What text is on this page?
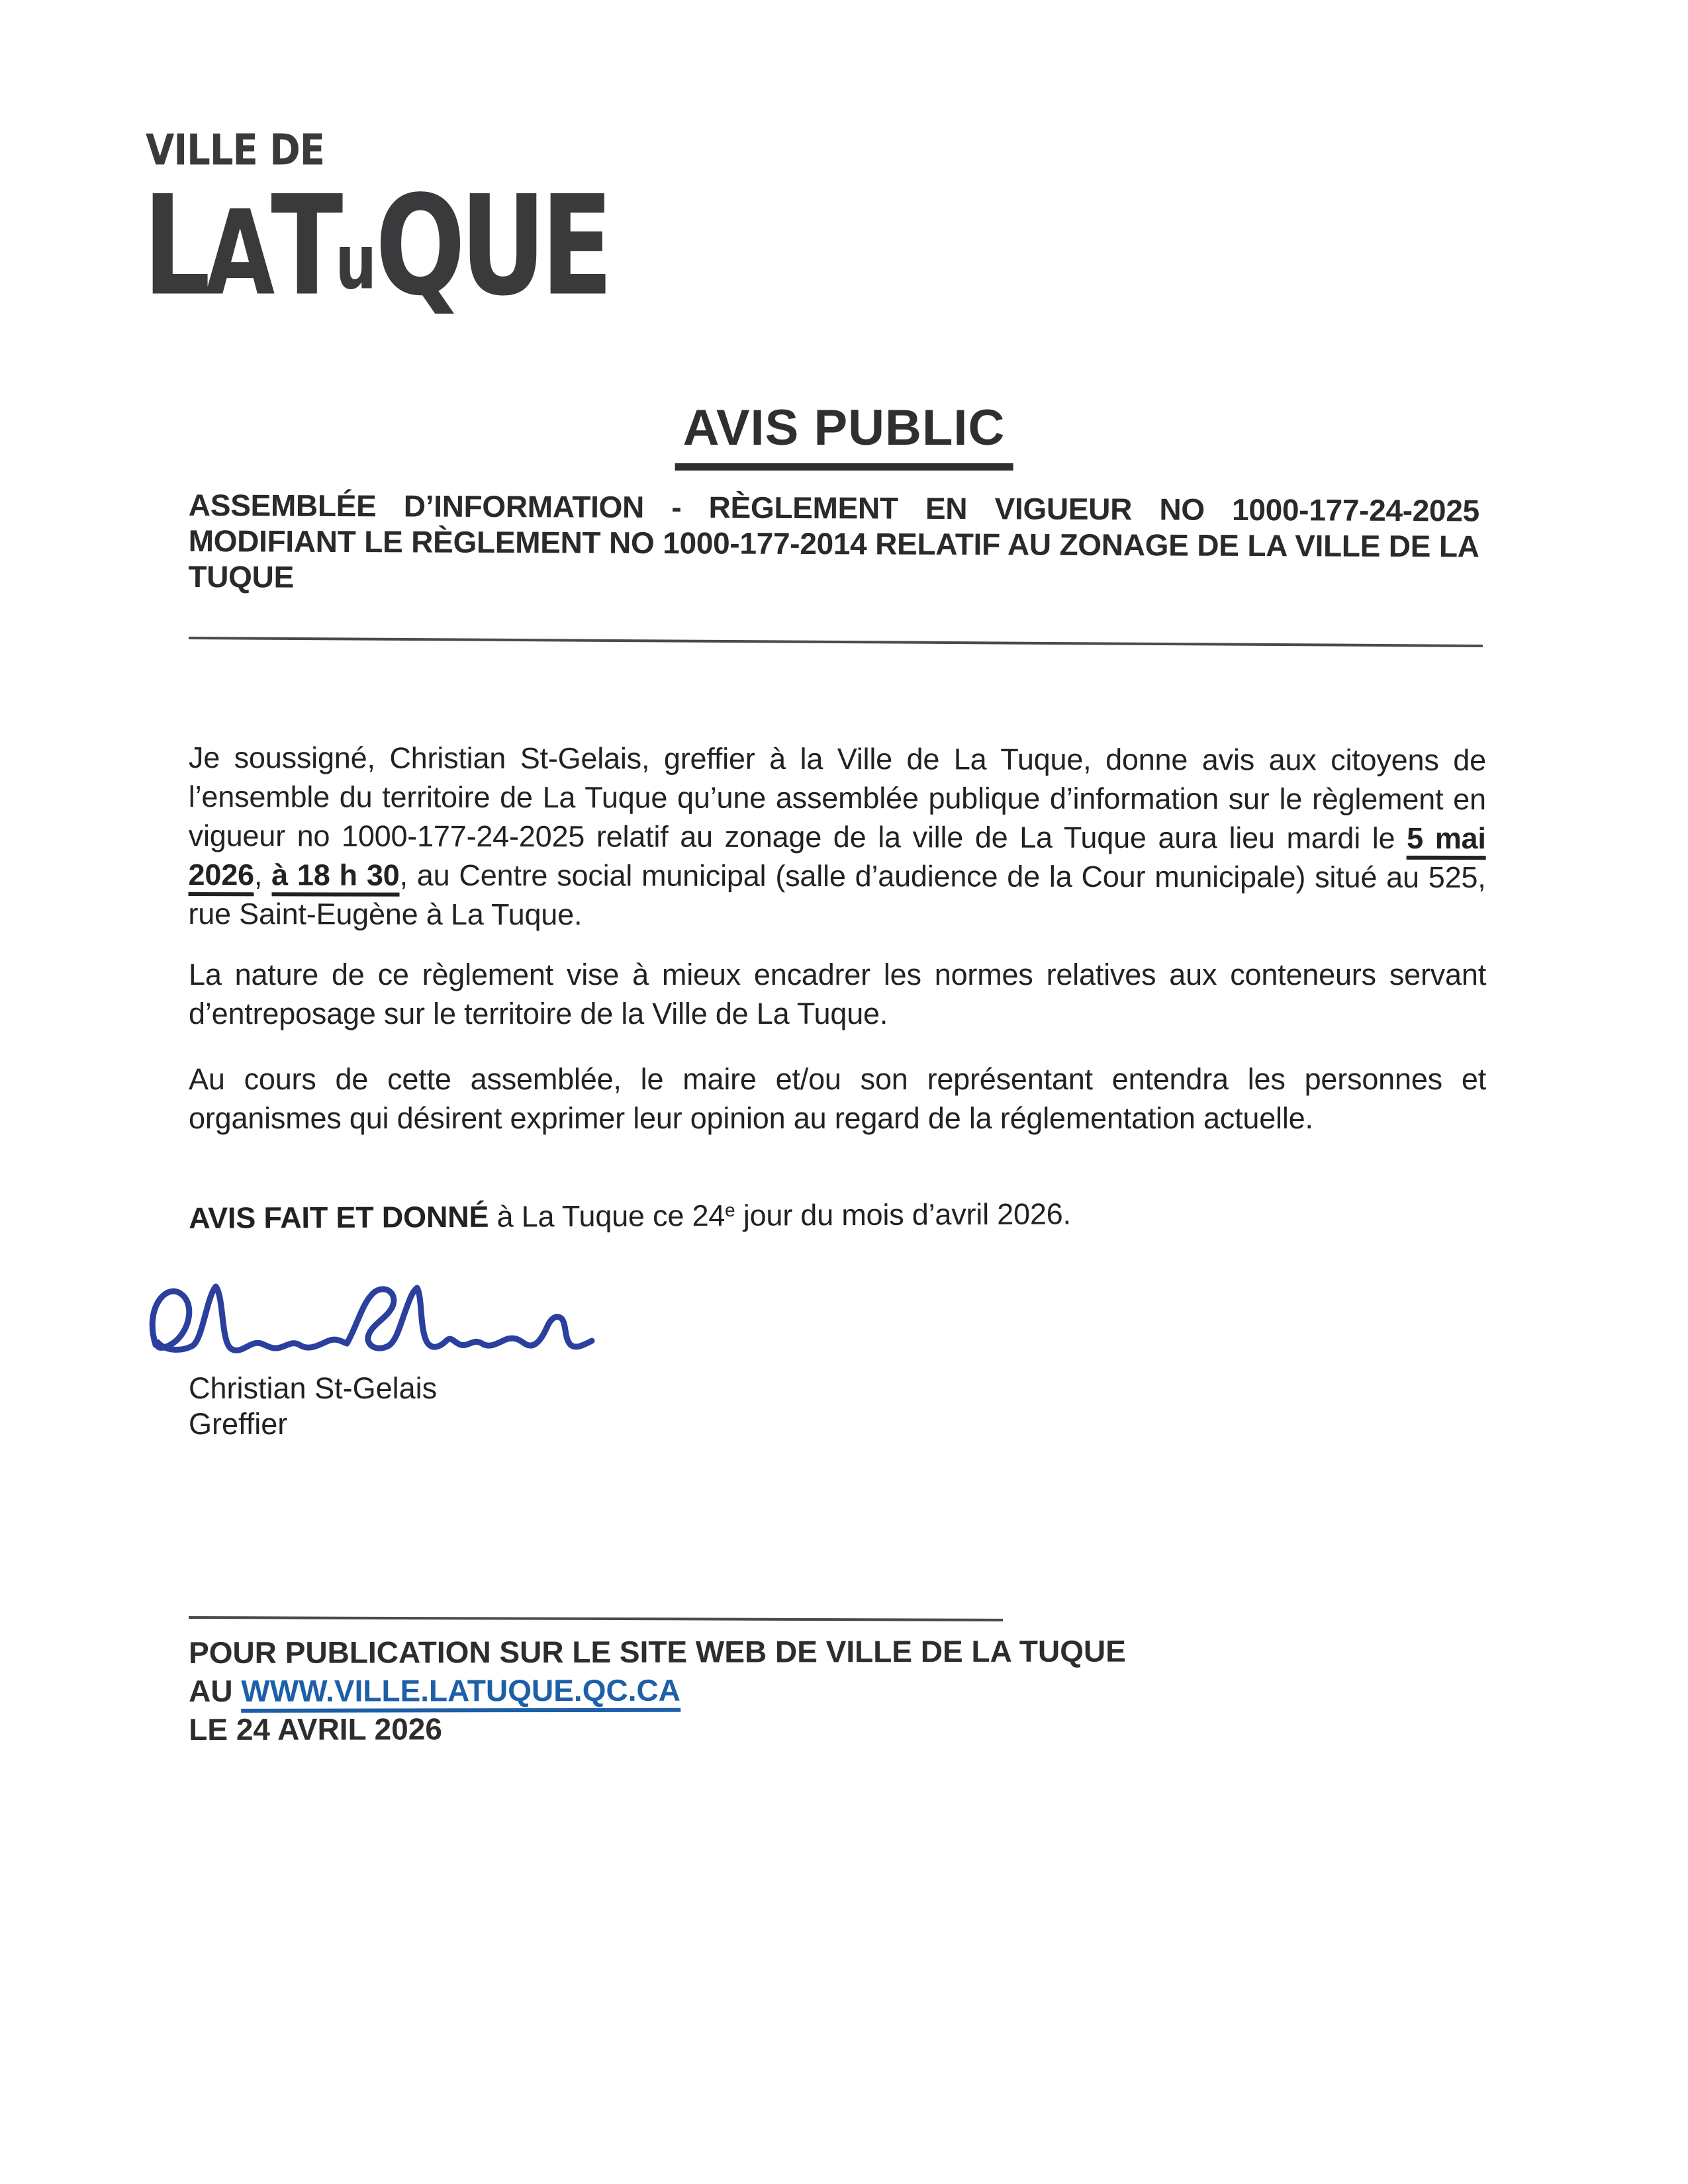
VILLE DE
LATuQUE
AVIS PUBLIC
ASSEMBLÉE D’INFORMATION - RÈGLEMENT EN VIGUEUR NO 1000-177-24-2025 MODIFIANT LE RÈGLEMENT NO 1000-177-2014 RELATIF AU ZONAGE DE LA VILLE DE LA TUQUE

Je soussigné, Christian St-Gelais, greffier à la Ville de La Tuque, donne avis aux citoyens de l’ensemble du territoire de La Tuque qu’une assemblée publique d’information sur le règlement en vigueur no 1000-177-24-2025 relatif au zonage de la ville de La Tuque aura lieu mardi le 5 mai 2026, à 18 h 30, au Centre social municipal (salle d’audience de la Cour municipale) situé au 525, rue Saint-Eugène à La Tuque.

La nature de ce règlement vise à mieux encadrer les normes relatives aux conteneurs servant d’entreposage sur le territoire de la Ville de La Tuque.

Au cours de cette assemblée, le maire et/ou son représentant entendra les personnes et organismes qui désirent exprimer leur opinion au regard de la réglementation actuelle.

AVIS FAIT ET DONNÉ à La Tuque ce 24e jour du mois d’avril 2026.

Christian St-Gelais
Greffier
POUR PUBLICATION SUR LE SITE WEB DE VILLE DE LA TUQUE
AU WWW.VILLE.LATUQUE.QC.CA
LE 24 AVRIL 2026
